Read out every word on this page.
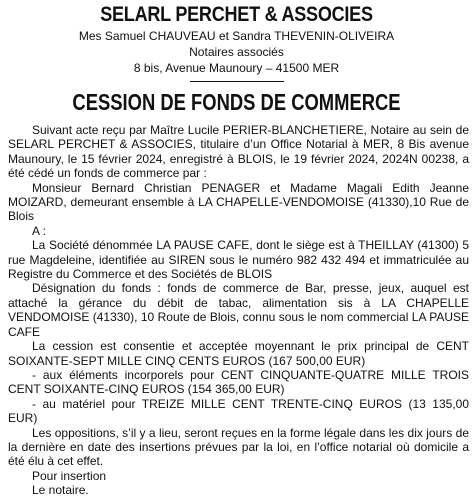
SELARL PERCHET & ASSOCIES
Mes Samuel CHAUVEAU et Sandra THEVENIN-OLIVEIRA
Notaires associés
8 bis, Avenue Maunoury – 41500 MER
CESSION DE FONDS DE COMMERCE

Suivant acte reçu par Maître Lucile PERIER-BLANCHETIERE, Notaire au sein de SELARL PERCHET & ASSOCIES, titulaire d’un Office Notarial à MER, 8 Bis avenue Maunoury, le 15 février 2024, enregistré à BLOIS, le 19 février 2024, 2024N 00238, a été cédé un fonds de commerce par :

Monsieur Bernard Christian PENAGER et Madame Magali Edith Jeanne MOIZARD, demeurant ensemble à LA CHAPELLE-VENDOMOISE (41330),10 Rue de Blois

A :

La Société dénommée LA PAUSE CAFE, dont le siège est à THEILLAY (41300) 5 rue Magdeleine, identifiée au SIREN sous le numéro 982 432 494 et immatriculée au Registre du Commerce et des Sociétés de BLOIS

Désignation du fonds : fonds de commerce de Bar, presse, jeux, auquel est attaché la gérance du débit de tabac, alimentation sis à LA CHAPELLE VENDOMOISE (41330), 10 Route de Blois, connu sous le nom commercial LA PAUSE CAFE

La cession est consentie et acceptée moyennant le prix principal de CENT SOIXANTE-SEPT MILLE CINQ CENTS EUROS (167 500,00 EUR)

- aux éléments incorporels pour CENT CINQUANTE-QUATRE MILLE TROIS CENT SOIXANTE-CINQ EUROS (154 365,00 EUR)

- au matériel pour TREIZE MILLE CENT TRENTE-CINQ EUROS (13 135,00 EUR)

Les oppositions, s’il y a lieu, seront reçues en la forme légale dans les dix jours de la dernière en date des insertions prévues par la loi, en l’office notarial où domicile a été élu à cet effet.

Pour insertion

Le notaire.
